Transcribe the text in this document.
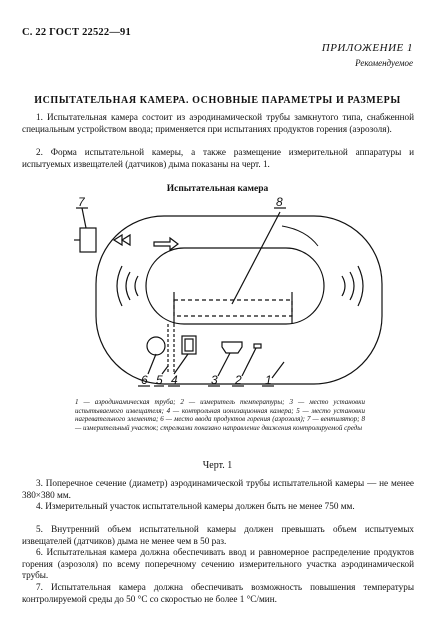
С. 22 ГОСТ 22522—91
ПРИЛОЖЕНИЕ 1
Рекомендуемое
ИСПЫТАТЕЛЬНАЯ КАМЕРА. ОСНОВНЫЕ ПАРАМЕТРЫ И РАЗМЕРЫ
1. Испытательная камера состоит из аэродинамической трубы замкнутого типа, снабженной специальным устройством ввода; применяется при испытаниях продуктов горения (аэрозоля).
2. Форма испытательной камеры, а также размещение измерительной аппаратуры и испытуемых извещателей (датчиков) дыма показаны на черт. 1.
Испытательная камера
6 5 4	3 2 1
7	8
1 — аэродинамическая труба; 2 — измеритель температуры; 3 — место установки испытываемого извещателя; 4 — контрольная ионизационная камера; 5 — место установки нагревательного элемента; 6 — место ввода продуктов горения (аэрозоля); 7 — вентилятор; 8 — измерительный участок; стрелками показано направление движения контролируемой среды
Черт. 1
3. Поперечное сечение (диаметр) аэродинамической трубы испытательной камеры — не менее 380×380 мм.
4. Измерительный участок испытательной камеры должен быть не менее 750 мм.
5. Внутренний объем испытательной камеры должен превышать объем испытуемых извещателей (датчиков) дыма не менее чем в 50 раз.
6. Испытательная камера должна обеспечивать ввод и равномерное распределение продуктов горения (аэрозоля) по всему поперечному сечению измерительного участка аэродинамической трубы.
7. Испытательная камера должна обеспечивать возможность повышения температуры контролируемой среды до 50 °С со скоростью не более 1 °С/мин.
